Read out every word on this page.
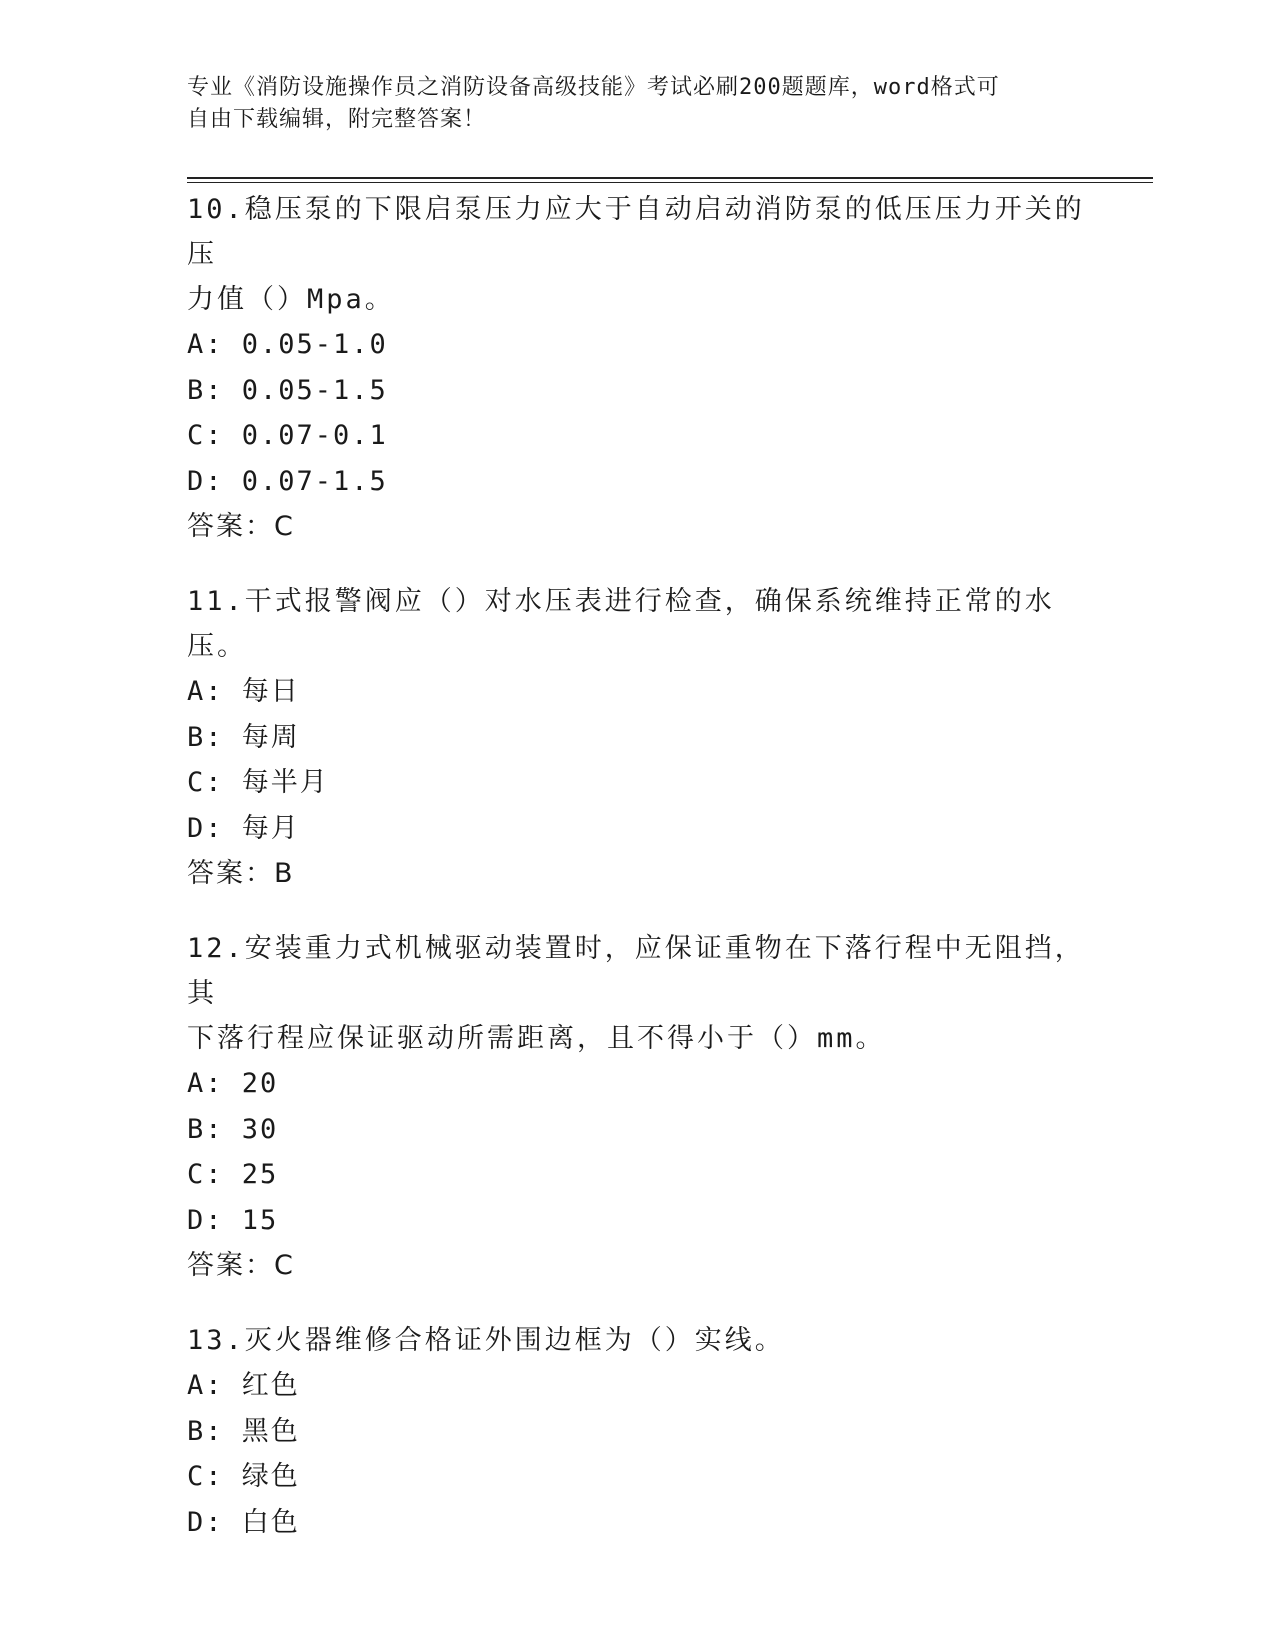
专业《消防设施操作员之消防设备高级技能》考试必刷200题题库，word格式可
自由下载编辑，附完整答案！

10.稳压泵的下限启泵压力应大于自动启动消防泵的低压压力开关的压

力值（）Mpa。

A: 0.05-1.0

B: 0.05-1.5

C: 0.07-0.1

D: 0.07-1.5

答案：C

11.干式报警阀应（）对水压表进行检查，确保系统维持正常的水压。

A: 每日

B: 每周

C: 每半月

D: 每月

答案：B

12.安装重力式机械驱动装置时，应保证重物在下落行程中无阻挡，其

下落行程应保证驱动所需距离，且不得小于（）mm。

A: 20

B: 30

C: 25

D: 15

答案：C

13.灭火器维修合格证外围边框为（）实线。

A: 红色

B: 黑色

C: 绿色

D: 白色
